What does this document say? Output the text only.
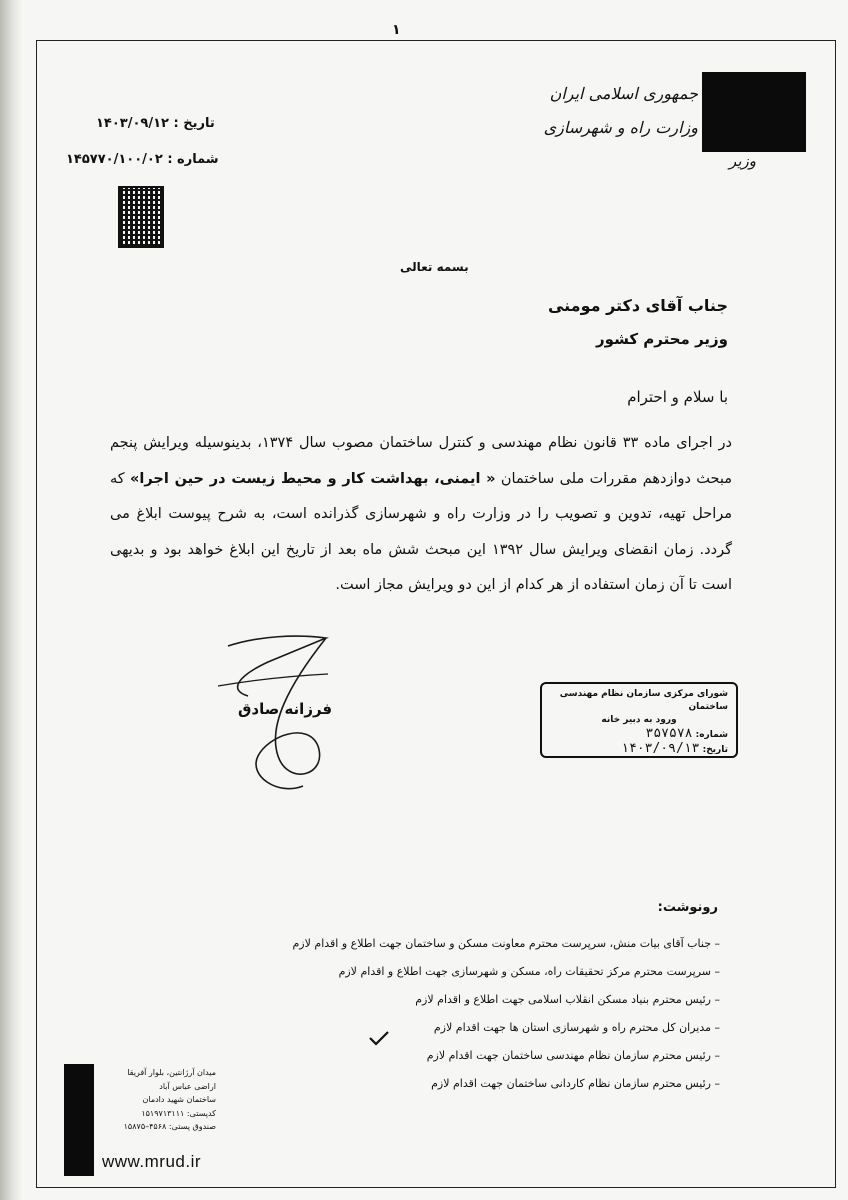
۱
جمهوری اسلامی ایران
وزارت راه و شهرسازی
وزیر
تاریخ : ۱۴۰۳/۰۹/۱۲
شماره : ۱۴۵۷۷۰/۱۰۰/۰۲
بسمه تعالی
جناب آقای دکتر مومنی
وزیر محترم کشور
با سلام و احترام
در اجرای ماده ۳۳ قانون نظام مهندسی و کنترل ساختمان مصوب سال ۱۳۷۴، بدینوسیله ویرایش پنجم مبحث دوازدهم مقررات ملی ساختمان « ایمنی، بهداشت کار و محیط زیست در حین اجرا» که مراحل تهیه، تدوین و تصویب را در وزارت راه و شهرسازی گذرانده است، به شرح پیوست ابلاغ می گردد. زمان انقضای ویرایش سال ۱۳۹۲ این مبحث شش ماه بعد از تاریخ این ابلاغ خواهد بود و بدیهی است تا آن زمان استفاده از هر کدام از این دو ویرایش مجاز است.
فرزانه صادق
شورای مرکزی سازمان نظام مهندسی ساختمان
ورود به دبیر خانه
شماره: ۳۵۷۵۷۸
تاریخ: ۱۴۰۳/۰۹/۱۳
رونوشت:
– جناب آقای بیات منش، سرپرست محترم معاونت مسکن و ساختمان جهت اطلاع و اقدام لازم
– سرپرست محترم مرکز تحقیقات راه، مسکن و شهرسازی جهت اطلاع و اقدام لازم
– رئیس محترم بنیاد مسکن انقلاب اسلامی جهت اطلاع و اقدام لازم
– مدیران کل محترم راه و شهرسازی استان ها جهت اقدام لازم
– رئیس محترم سازمان نظام مهندسی ساختمان جهت اقدام لازم
– رئیس محترم سازمان نظام کاردانی ساختمان جهت اقدام لازم
میدان آرژانتین، بلوار آفریقا
اراضی عباس آباد
ساختمان شهید دادمان
کدپستی: ۱۵۱۹۷۱۳۱۱۱
صندوق پستی: ۴۵۶۸–۱۵۸۷۵
www.mrud.ir
